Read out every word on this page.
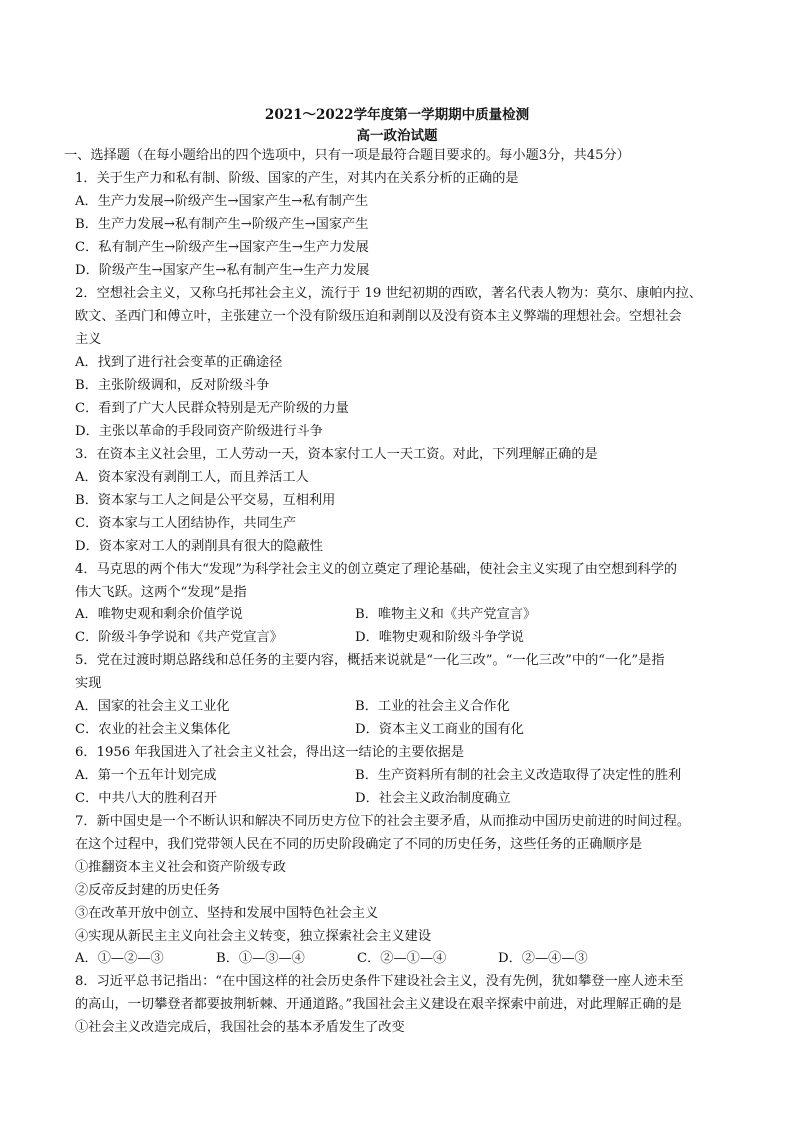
2021～2022学年度第一学期期中质量检测
高一政治试题
一、选择题（在每小题给出的四个选项中，只有一项是最符合题目要求的。每小题3分，共45分）
1．关于生产力和私有制、阶级、国家的产生，对其内在关系分析的正确的是
A．生产力发展→阶级产生→国家产生→私有制产生
B．生产力发展→私有制产生→阶级产生→国家产生
C．私有制产生→阶级产生→国家产生→生产力发展
D．阶级产生→国家产生→私有制产生→生产力发展
2．空想社会主义，又称乌托邦社会主义，流行于 19 世纪初期的西欧，著名代表人物为：莫尔、康帕内拉、
欧文、圣西门和傅立叶，主张建立一个没有阶级压迫和剥削以及没有资本主义弊端的理想社会。空想社会
主义
A．找到了进行社会变革的正确途径
B．主张阶级调和，反对阶级斗争
C．看到了广大人民群众特别是无产阶级的力量
D．主张以革命的手段同资产阶级进行斗争
3．在资本主义社会里，工人劳动一天，资本家付工人一天工资。对此，下列理解正确的是
A．资本家没有剥削工人，而且养活工人
B．资本家与工人之间是公平交易，互相利用
C．资本家与工人团结协作，共同生产
D．资本家对工人的剥削具有很大的隐蔽性
4．马克思的两个伟大“发现”为科学社会主义的创立奠定了理论基础，使社会主义实现了由空想到科学的
伟大飞跃。这两个“发现”是指
A．唯物史观和剩余价值学说	B．唯物主义和《共产党宣言》
C．阶级斗争学说和《共产党宣言》	D．唯物史观和阶级斗争学说
5．党在过渡时期总路线和总任务的主要内容，概括来说就是“一化三改”。“一化三改”中的“一化”是指
实现
A．国家的社会主义工业化	B．工业的社会主义合作化
C．农业的社会主义集体化	D．资本主义工商业的国有化
6．1956 年我国进入了社会主义社会，得出这一结论的主要依据是
A．第一个五年计划完成	B．生产资料所有制的社会主义改造取得了决定性的胜利
C．中共八大的胜利召开	D．社会主义政治制度确立
7．新中国史是一个不断认识和解决不同历史方位下的社会主要矛盾，从而推动中国历史前进的时间过程。
在这个过程中，我们党带领人民在不同的历史阶段确定了不同的历史任务，这些任务的正确顺序是
①推翻资本主义社会和资产阶级专政
②反帝反封建的历史任务
③在改革开放中创立、坚持和发展中国特色社会主义
④实现从新民主主义向社会主义转变，独立探索社会主义建设
A．①—②—③	B．①—③—④	C．②—①—④	D．②—④—③
8．习近平总书记指出：“在中国这样的社会历史条件下建设社会主义，没有先例，犹如攀登一座人迹未至
的高山，一切攀登者都要披荆斩棘、开通道路。”我国社会主义建设在艰辛探索中前进，对此理解正确的是
①社会主义改造完成后，我国社会的基本矛盾发生了改变
